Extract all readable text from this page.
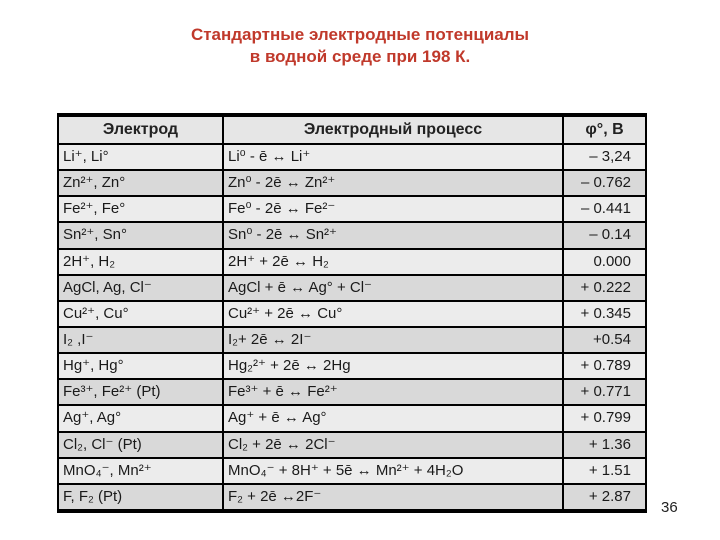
Стандартные электродные потенциалы
в водной среде при 198 К.
Электрод	Электродный процесс	φ°, В
Li⁺, Li°	Li⁰ - ē ↔ Li⁺	– 3,24
Zn²⁺, Zn°	Zn⁰ - 2ē ↔ Zn²⁺	– 0.762
Fe²⁺, Fe°	Fe⁰ - 2ē ↔ Fe²⁻	– 0.441
Sn²⁺, Sn°	Sn⁰ - 2ē ↔ Sn²⁺	– 0.14
2H⁺, H₂	2H⁺ + 2ē ↔ H₂	0.000
AgCl, Ag, Cl⁻	AgCl + ē ↔ Ag° + Cl⁻	+ 0.222
Cu²⁺, Cu°	Cu²⁺ + 2ē ↔ Cu°	+ 0.345
I₂ ,I⁻	I₂+ 2ē ↔ 2I⁻	+0.54
Hg⁺, Hg°	Hg₂²⁺ + 2ē ↔ 2Hg	+ 0.789
Fe³⁺, Fe²⁺ (Pt)	Fe³⁺ + ē ↔ Fe²⁺	+ 0.771
Ag⁺, Ag°	Ag⁺ + ē ↔ Ag°	+ 0.799
Cl₂, Cl⁻ (Pt)	Cl₂ + 2ē ↔ 2Cl⁻	+ 1.36
MnO₄⁻, Mn²⁺	MnO₄⁻ + 8H⁺ + 5ē ↔ Mn²⁺ + 4H₂O	+ 1.51
F, F₂ (Pt)	F₂ + 2ē ↔2F⁻	+ 2.87
36
